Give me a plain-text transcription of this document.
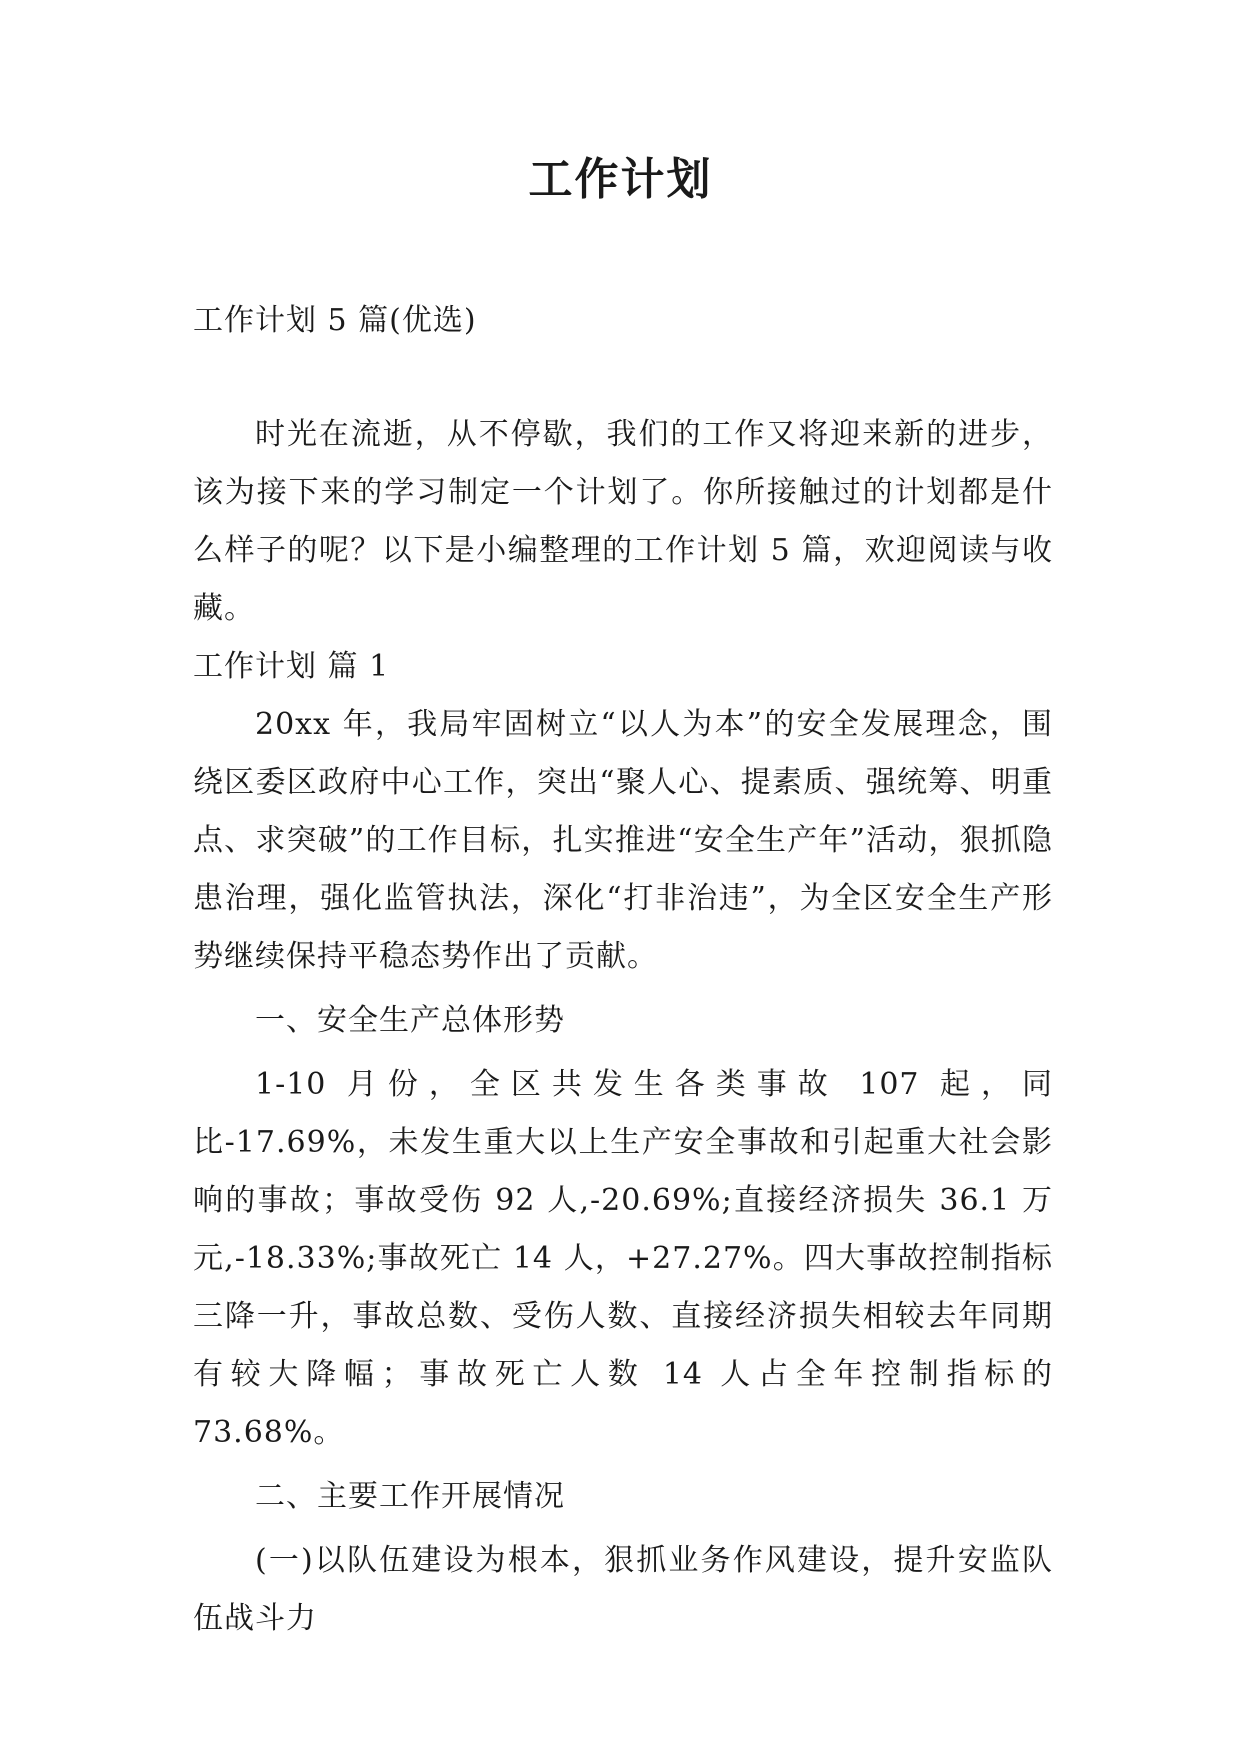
工作计划

工作计划 5 篇(优选)

时光在流逝，从不停歇，我们的工作又将迎来新的进步，该为接下来的学习制定一个计划了。你所接触过的计划都是什么样子的呢？以下是小编整理的工作计划 5 篇，欢迎阅读与收藏。

工作计划 篇 1

20xx 年，我局牢固树立“以人为本”的安全发展理念，围绕区委区政府中心工作，突出“聚人心、提素质、强统筹、明重点、求突破”的工作目标，扎实推进“安全生产年”活动，狠抓隐患治理，强化监管执法，深化“打非治违”，为全区安全生产形势继续保持平稳态势作出了贡献。

一、安全生产总体形势

1-10 月份，全区共发生各类事故 107 起，同比-17.69%，未发生重大以上生产安全事故和引起重大社会影响的事故；事故受伤 92 人,-20.69%;直接经济损失 36.1 万元,-18.33%;事故死亡 14 人，+27.27%。四大事故控制指标三降一升，事故总数、受伤人数、直接经济损失相较去年同期有较大降幅；事故死亡人数 14 人占全年控制指标的 73.68%。

二、主要工作开展情况

(一)以队伍建设为根本，狠抓业务作风建设，提升安监队伍战斗力
